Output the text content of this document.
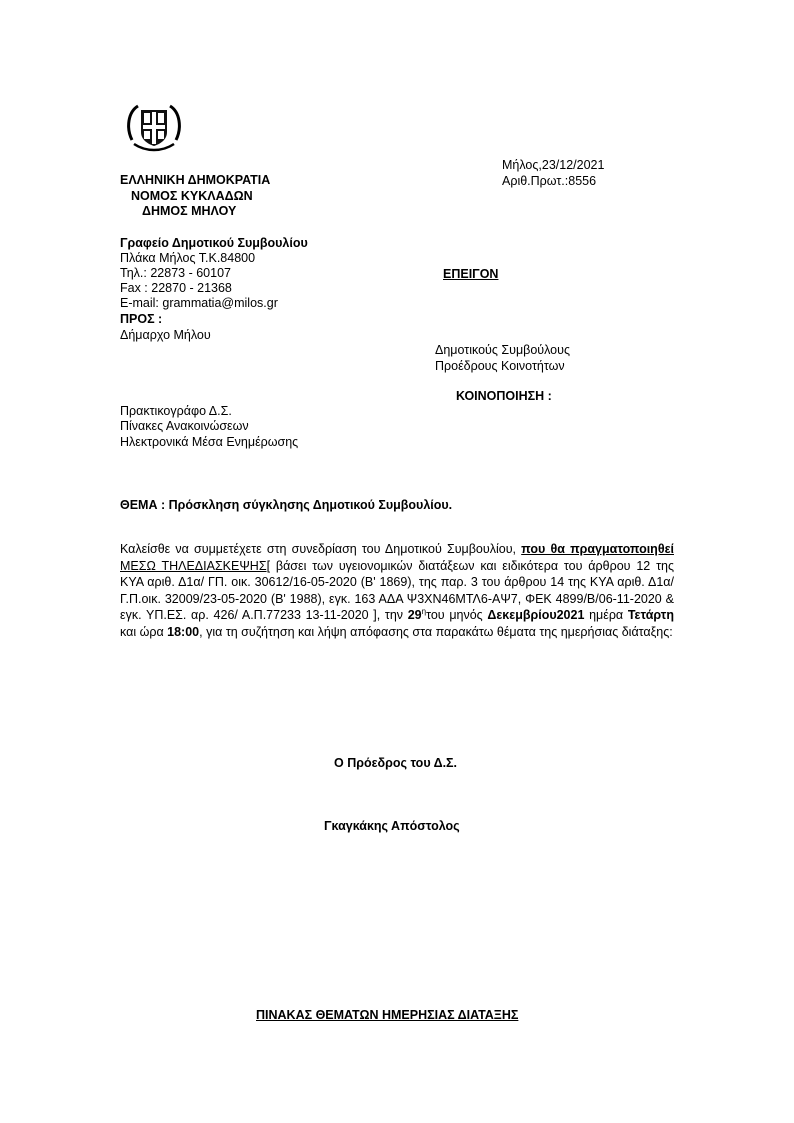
ΕΛΛΗΝΙΚΗ ΔΗΜΟΚΡΑΤΙΑ
ΝΟΜΟΣ ΚΥΚΛΑΔΩΝ
ΔΗΜΟΣ ΜΗΛΟΥ
Μήλος,23/12/2021
Αριθ.Πρωτ.:8556
Γραφείο Δημοτικού Συμβουλίου
Πλάκα Μήλος Τ.Κ.84800
Τηλ.: 22873 - 60107
Fax : 22870 - 21368
E-mail: grammatia@milos.gr
ΕΠΕΙΓΟΝ
ΠΡΟΣ :
Δήμαρχο Μήλου
Δημοτικούς Συμβούλους
Προέδρους Κοινοτήτων
ΚΟΙΝΟΠΟΙΗΣΗ :
Πρακτικογράφο Δ.Σ.
Πίνακες Ανακοινώσεων
Ηλεκτρονικά Μέσα Ενημέρωσης
ΘΕΜΑ : Πρόσκληση σύγκλησης Δημοτικού Συμβουλίου.
Καλείσθε να συμμετέχετε στη συνεδρίαση του Δημοτικού Συμβουλίου, που θα πραγματοποιηθεί ΜΕΣΩ ΤΗΛΕΔΙΑΣΚΕΨΗΣ[ βάσει των υγειονομικών διατάξεων και ειδικότερα του άρθρου 12 της ΚΥΑ αριθ. Δ1α/ ΓΠ. οικ. 30612/16-05-2020 (Β' 1869), της παρ. 3 του άρθρου 14 της ΚΥΑ αριθ. Δ1α/Γ.Π.οικ. 32009/23-05-2020 (Β' 1988), εγκ. 163 ΑΔΑ Ψ3ΧΝ46ΜΤΛ6-ΑΨ7, ΦΕΚ 4899/Β/06-11-2020 & εγκ. ΥΠ.ΕΣ. αρ. 426/ Α.Π.77233 13-11-2020 ], την $29^\eta\tau o\upsilon$ μηνός Δεκεμβρίου2021 ημέρα Τετάρτη και ώρα 18:00, για τη συζήτηση και λήψη απόφασης στα παρακάτω θέματα της ημερήσιας διάταξης:
Ο Πρόεδρος του Δ.Σ.
Γκαγκάκης Απόστολος
ΠΙΝΑΚΑΣ ΘΕΜΑΤΩΝ ΗΜΕΡΗΣΙΑΣ ΔΙΑΤΑΞΗΣ
